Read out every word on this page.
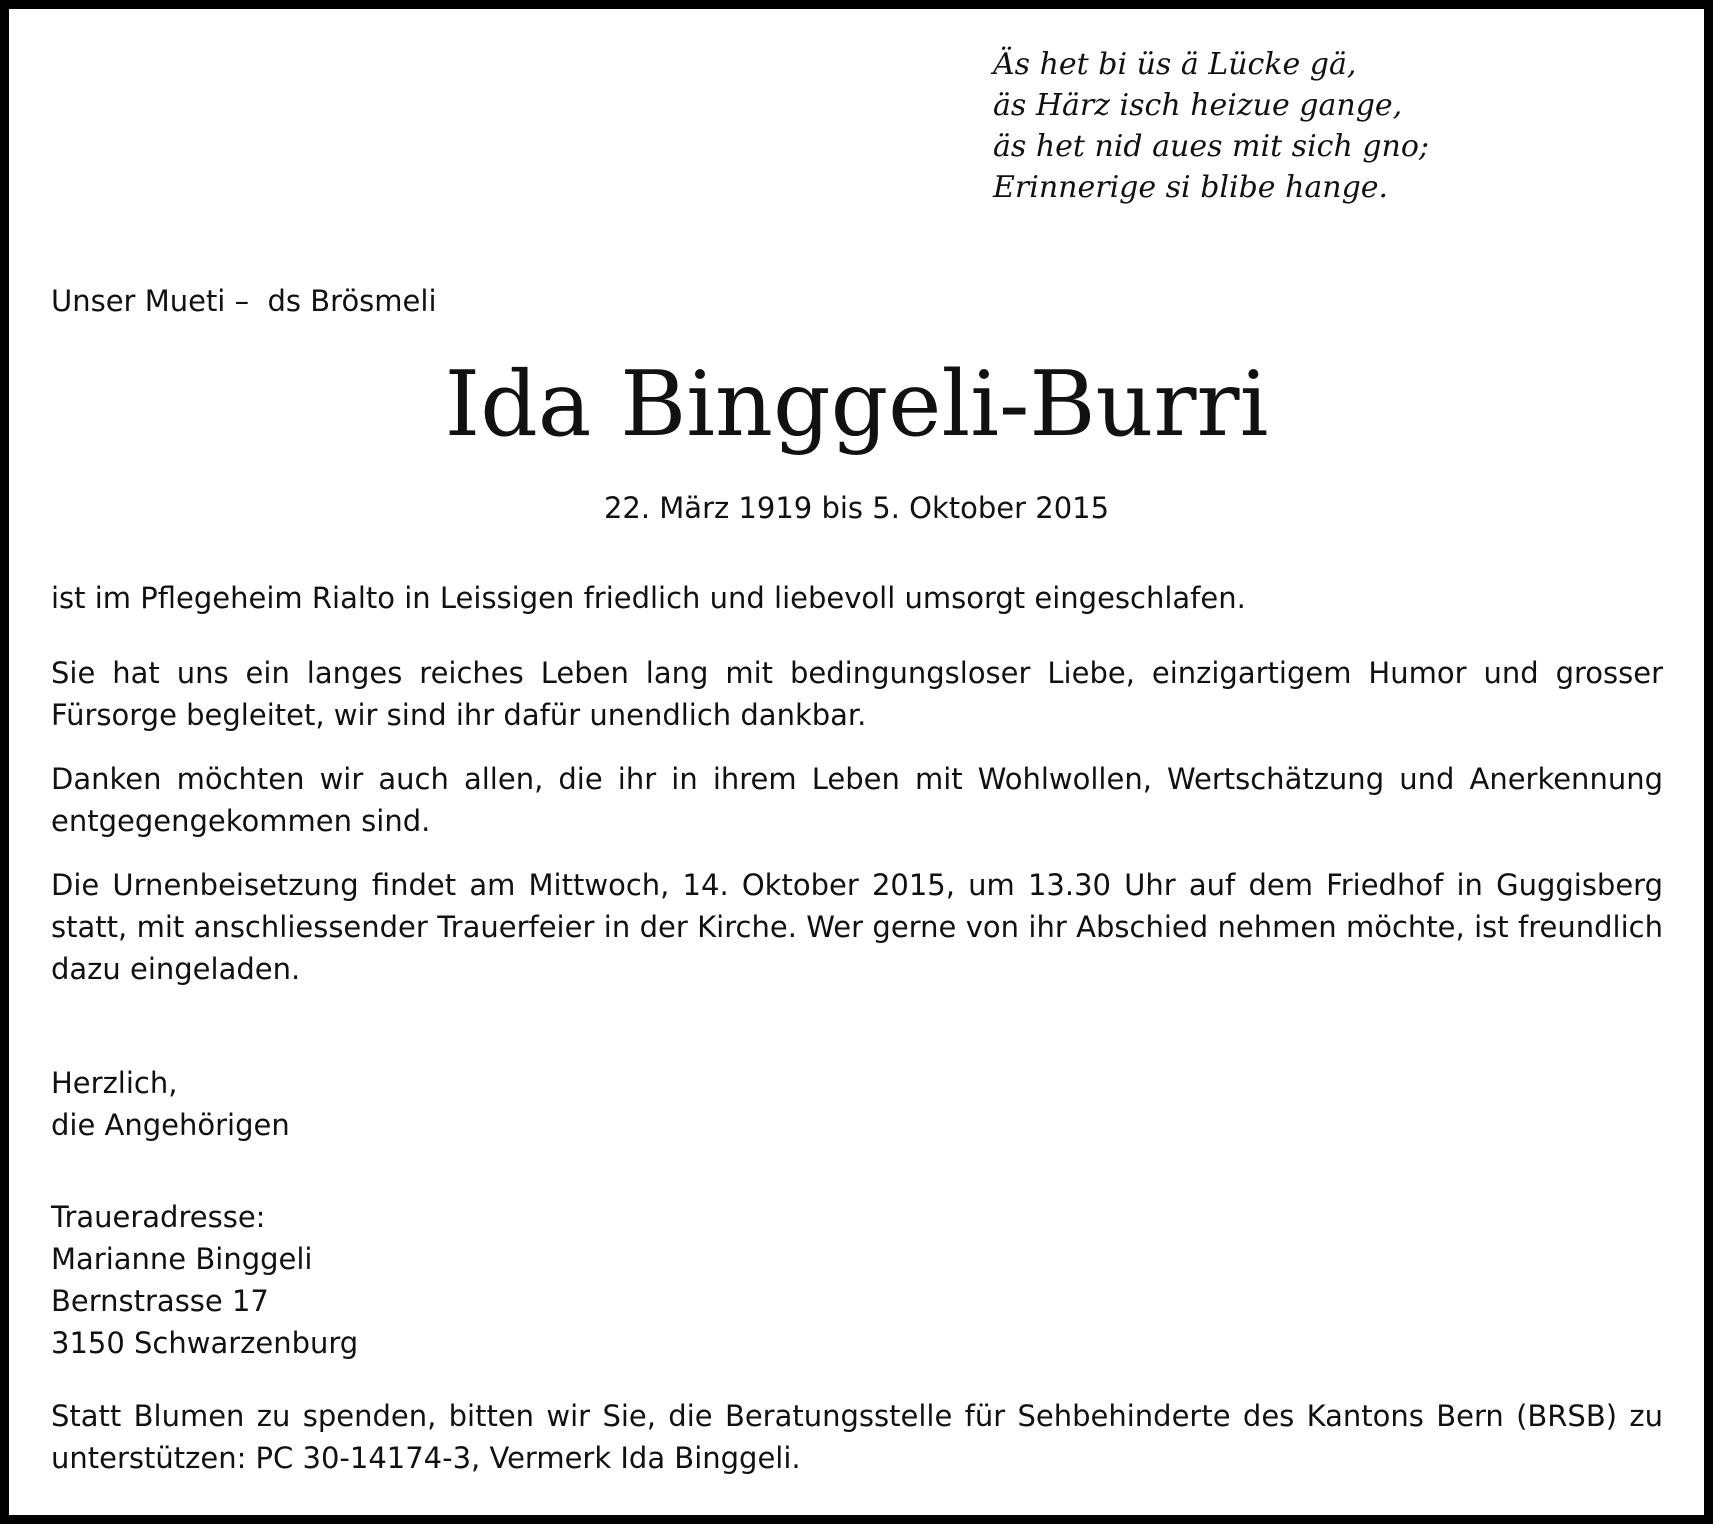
Äs het bi üs ä Lücke gä,
äs Härz isch heizue gange,
äs het nid aues mit sich gno;
Erinnerige si blibe hange.
Unser Mueti –  ds Brösmeli
Ida Binggeli-Burri
22. März 1919 bis 5. Oktober 2015
ist im Pflegeheim Rialto in Leissigen friedlich und liebevoll umsorgt eingeschlafen.
Sie hat uns ein langes reiches Leben lang mit bedingungsloser Liebe, einzigartigem Humor und grosser Fürsorge begleitet, wir sind ihr dafür unendlich dankbar.
Danken möchten wir auch allen, die ihr in ihrem Leben mit Wohlwollen, Wertschätzung und Anerkennung entgegengekommen sind.
Die Urnenbeisetzung findet am Mittwoch, 14. Oktober 2015, um 13.30 Uhr auf dem Friedhof in Guggisberg statt, mit anschliessender Trauerfeier in der Kirche. Wer gerne von ihr Abschied nehmen möchte, ist freundlich dazu eingeladen.
Herzlich,
die Angehörigen
Traueradresse:
Marianne Binggeli
Bernstrasse 17
3150 Schwarzenburg
Statt Blumen zu spenden, bitten wir Sie, die Beratungsstelle für Sehbehinderte des Kantons Bern (BRSB) zu unterstützen: PC 30-14174-3, Vermerk Ida Binggeli.
